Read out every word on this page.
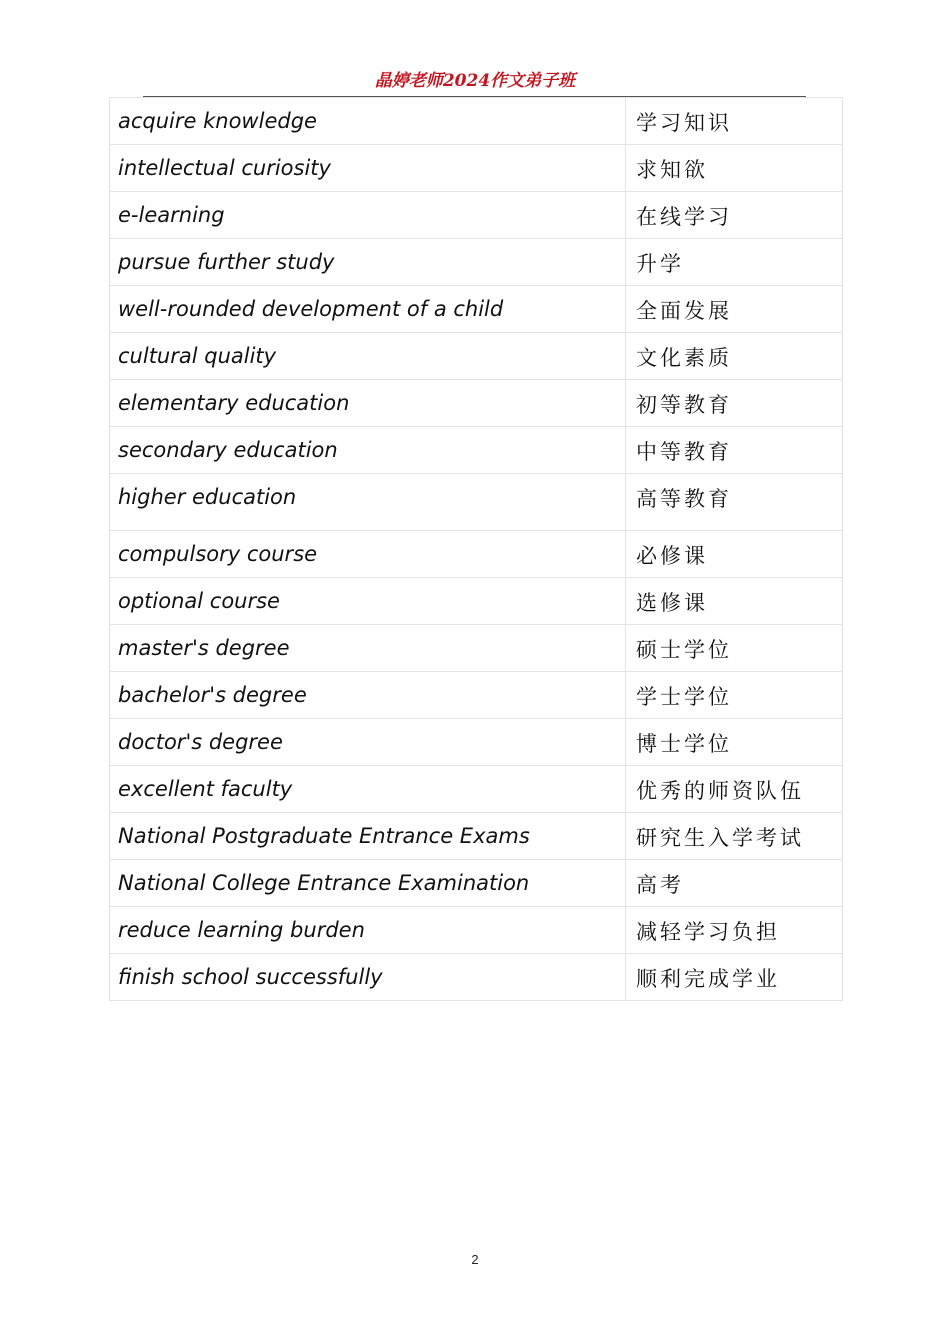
晶婷老师2024作文弟子班
acquire knowledge	学习知识
intellectual curiosity	求知欲
e-learning	在线学习
pursue further study	升学
well-rounded development of a child	全面发展
cultural quality	文化素质
elementary education	初等教育
secondary education	中等教育
higher education	高等教育
compulsory course	必修课
optional course	选修课
master's degree	硕士学位
bachelor's degree	学士学位
doctor's degree	博士学位
excellent faculty	优秀的师资队伍
National Postgraduate Entrance Exams	研究生入学考试
National College Entrance Examination	高考
reduce learning burden	减轻学习负担
finish school successfully	顺利完成学业
2
